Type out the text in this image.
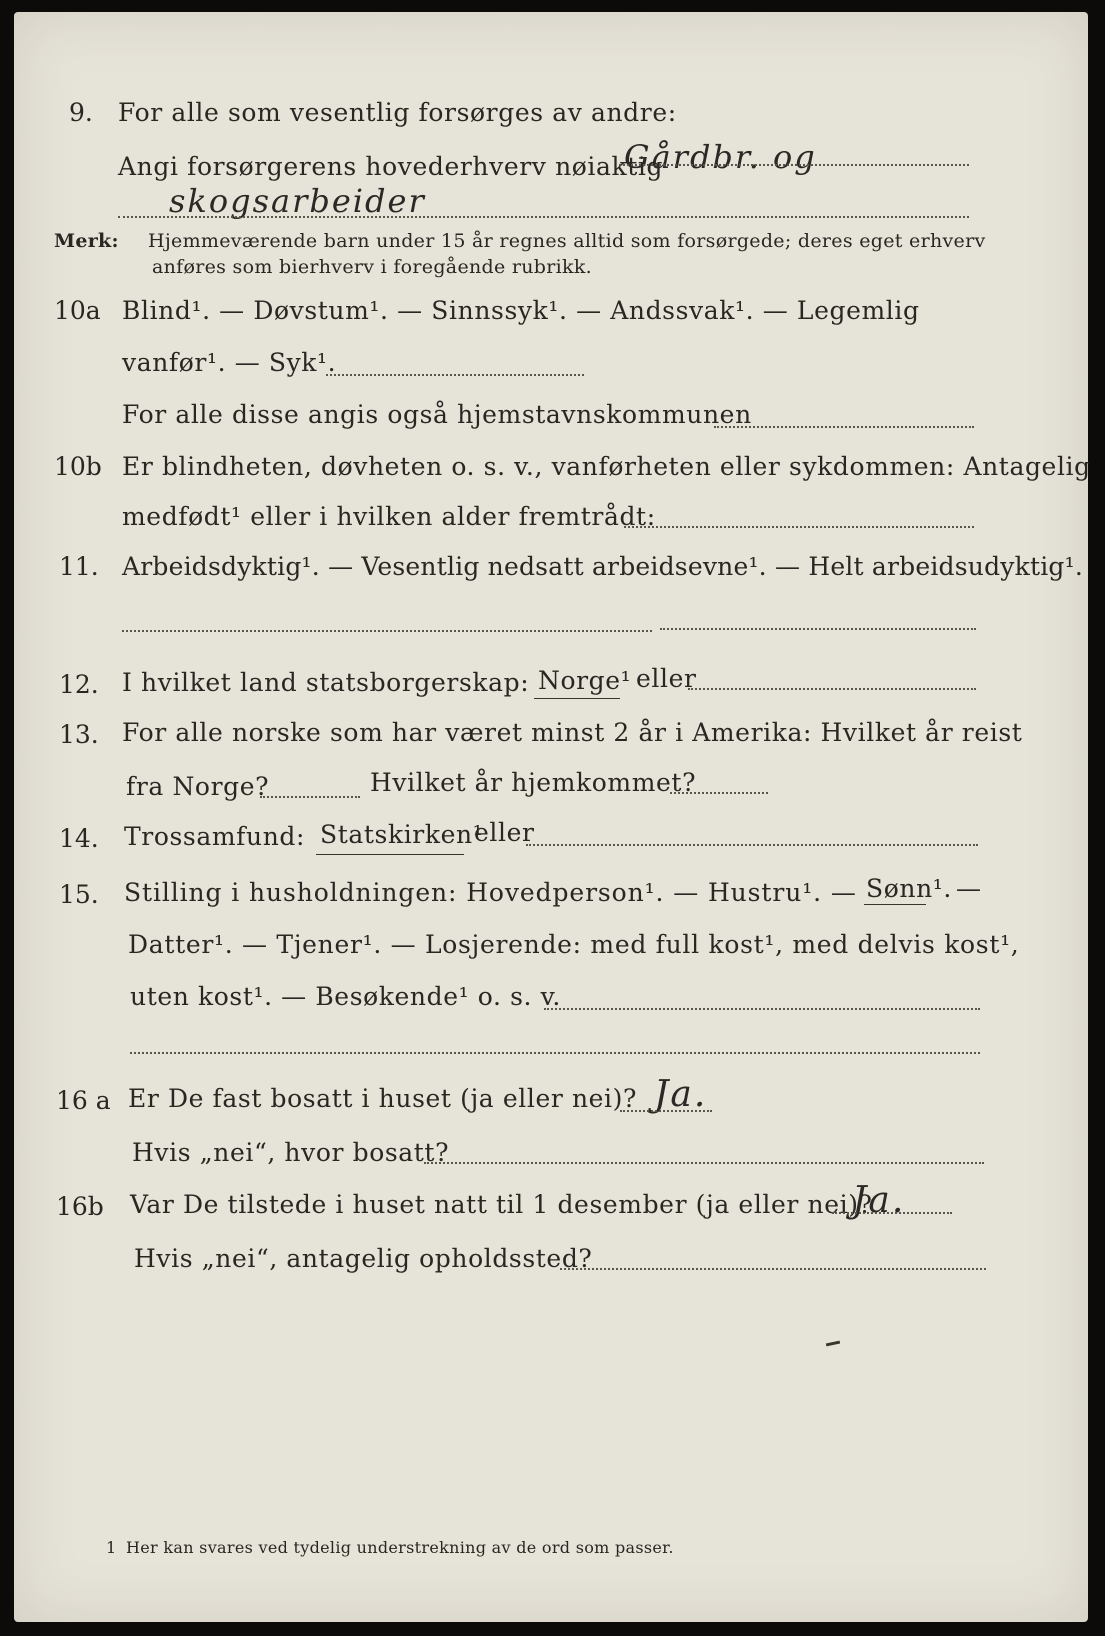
9. For alle som vesentlig forsørges av andre:
Angi forsørgerens hovederhverv nøiaktig
Gårdbr. og
skogsarbeider
Merk: Hjemmeværende barn under 15 år regnes alltid som forsørgede; deres eget erhverv
anføres som bierhverv i foregående rubrikk.
10a Blind¹. — Døvstum¹. — Sinnssyk¹. — Andssvak¹. — Legemlig
vanfør¹. — Syk¹.
For alle disse angis også hjemstavnskommunen
10b Er blindheten, døvheten o. s. v., vanførheten eller sykdommen: Antagelig
medfødt¹ eller i hvilken alder fremtrådt:
11. Arbeidsdyktig¹. — Vesentlig nedsatt arbeidsevne¹. — Helt arbeidsudyktig¹.
12. I hvilket land statsborgerskap: Norge¹ eller
13. For alle norske som har været minst 2 år i Amerika: Hvilket år reist
fra Norge?	Hvilket år hjemkommet?
14. Trossamfund: Statskirken¹
eller
15. Stilling i husholdningen: Hovedperson¹. — Hustru¹. — Sønn¹. —
Datter¹. — Tjener¹. — Losjerende: med full kost¹, med delvis kost¹,
uten kost¹. — Besøkende¹ o. s. v.
16 a Er De fast bosatt i huset (ja eller nei)? Ja.
Hvis „nei“, hvor bosatt?
16b Var De tilstede i huset natt til 1 desember (ja eller nei)?
Ja.
Hvis „nei“, antagelig opholdssted?
1 Her kan svares ved tydelig understrekning av de ord som passer.
